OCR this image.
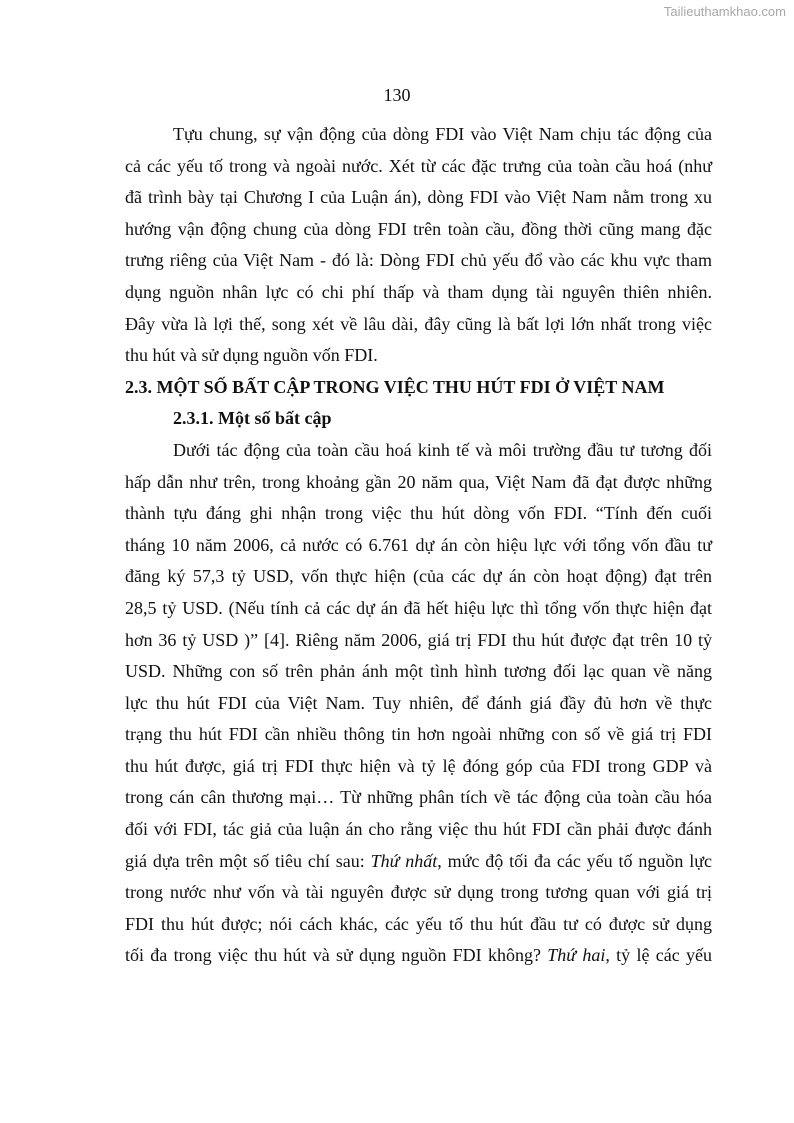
Tailieuthamkhao.com
130
Tựu chung, sự vận động của dòng FDI vào Việt Nam chịu tác động của
cả các yếu tố trong và ngoài nước. Xét từ các đặc trưng của toàn cầu hoá (như
đã trình bày tại Chương I của Luận án), dòng FDI vào Việt Nam nằm trong xu
hướng vận động chung của dòng FDI trên toàn cầu, đồng thời cũng mang đặc
trưng riêng của Việt Nam - đó là: Dòng FDI chủ yếu đổ vào các khu vực tham
dụng nguồn nhân lực có chi phí thấp và tham dụng tài nguyên thiên nhiên.
Đây vừa là lợi thế, song xét về lâu dài, đây cũng là bất lợi lớn nhất trong việc
thu hút và sử dụng nguồn vốn FDI.
2.3. MỘT SỐ BẤT CẬP TRONG VIỆC THU HÚT FDI Ở VIỆT NAM
2.3.1. Một số bất cập
Dưới tác động của toàn cầu hoá kinh tế và môi trường đầu tư tương đối
hấp dẫn như trên, trong khoảng gần 20 năm qua, Việt Nam đã đạt được những
thành tựu đáng ghi nhận trong việc thu hút dòng vốn FDI. “Tính đến cuối
tháng 10 năm 2006, cả nước có 6.761 dự án còn hiệu lực với tổng vốn đầu tư
đăng ký 57,3 tỷ USD, vốn thực hiện (của các dự án còn hoạt động) đạt trên
28,5 tỷ USD. (Nếu tính cả các dự án đã hết hiệu lực thì tổng vốn thực hiện đạt
hơn 36 tỷ USD )” [4]. Riêng năm 2006, giá trị FDI thu hút được đạt trên 10 tỷ
USD. Những con số trên phản ánh một tình hình tương đối lạc quan về năng
lực thu hút FDI của Việt Nam. Tuy nhiên, để đánh giá đầy đủ hơn về thực
trạng thu hút FDI cần nhiều thông tin hơn ngoài những con số về giá trị FDI
thu hút được, giá trị FDI thực hiện và tỷ lệ đóng góp của FDI trong GDP và
trong cán cân thương mại… Từ những phân tích về tác động của toàn cầu hóa
đối với FDI, tác giả của luận án cho rằng việc thu hút FDI cần phải được đánh
giá dựa trên một số tiêu chí sau: Thứ nhất, mức độ tối đa các yếu tố nguồn lực
trong nước như vốn và tài nguyên được sử dụng trong tương quan với giá trị
FDI thu hút được; nói cách khác, các yếu tố thu hút đầu tư có được sử dụng
tối đa trong việc thu hút và sử dụng nguồn FDI không? Thứ hai, tỷ lệ các yếu
